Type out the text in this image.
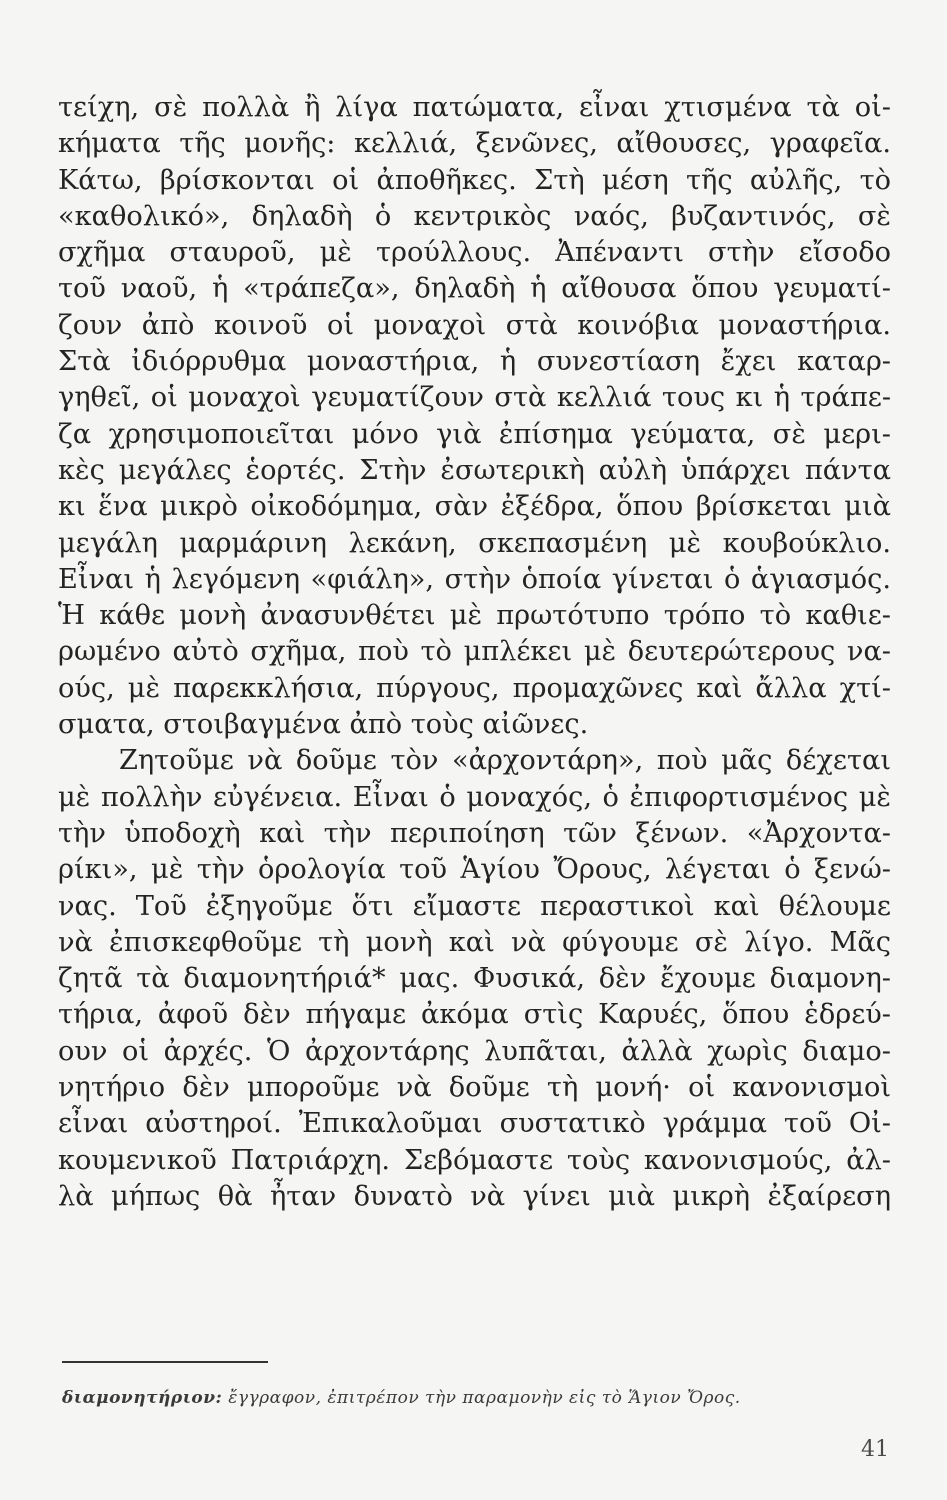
τείχη, σὲ πολλὰ ἢ λίγα πατώματα, εἶναι χτισμένα τὰ οἰ-
κήματα τῆς μονῆς: κελλιά, ξενῶνες, αἴθουσες, γραφεῖα.
Κάτω, βρίσκονται οἱ ἀποθῆκες. Στὴ μέση τῆς αὐλῆς, τὸ
«καθολικό», δηλαδὴ ὁ κεντρικὸς ναός, βυζαντινός, σὲ
σχῆμα σταυροῦ, μὲ τρούλλους. Ἀπέναντι στὴν εἴσοδο
τοῦ ναοῦ, ἡ «τράπεζα», δηλαδὴ ἡ αἴθουσα ὅπου γευματί-
ζουν ἀπὸ κοινοῦ οἱ μοναχοὶ στὰ κοινόβια μοναστήρια.
Στὰ ἰδιόρρυθμα μοναστήρια, ἡ συνεστίαση ἔχει καταρ-
γηθεῖ, οἱ μοναχοὶ γευματίζουν στὰ κελλιά τους κι ἡ τράπε-
ζα χρησιμοποιεῖται μόνο γιὰ ἐπίσημα γεύματα, σὲ μερι-
κὲς μεγάλες ἑορτές. Στὴν ἐσωτερικὴ αὐλὴ ὑπάρχει πάντα
κι ἕνα μικρὸ οἰκοδόμημα, σὰν ἐξέδρα, ὅπου βρίσκεται μιὰ
μεγάλη μαρμάρινη λεκάνη, σκεπασμένη μὲ κουβούκλιο.
Εἶναι ἡ λεγόμενη «φιάλη», στὴν ὁποία γίνεται ὁ ἁγιασμός.
Ἡ κάθε μονὴ ἀνασυνθέτει μὲ πρωτότυπο τρόπο τὸ καθιε-
ρωμένο αὐτὸ σχῆμα, ποὺ τὸ μπλέκει μὲ δευτερώτερους να-
ούς, μὲ παρεκκλήσια, πύργους, προμαχῶνες καὶ ἄλλα χτί-
σματα, στοιβαγμένα ἀπὸ τοὺς αἰῶνες.
Ζητοῦμε νὰ δοῦμε τὸν «ἀρχοντάρη», ποὺ μᾶς δέχεται
μὲ πολλὴν εὐγένεια. Εἶναι ὁ μοναχός, ὁ ἐπιφορτισμένος μὲ
τὴν ὑποδοχὴ καὶ τὴν περιποίηση τῶν ξένων. «Ἀρχοντα-
ρίκι», μὲ τὴν ὁρολογία τοῦ Ἁγίου Ὄρους, λέγεται ὁ ξενώ-
νας. Τοῦ ἐξηγοῦμε ὅτι εἴμαστε περαστικοὶ καὶ θέλουμε
νὰ ἐπισκεφθοῦμε τὴ μονὴ καὶ νὰ φύγουμε σὲ λίγο. Μᾶς
ζητᾶ τὰ διαμονητήριά* μας. Φυσικά, δὲν ἔχουμε διαμονη-
τήρια, ἀφοῦ δὲν πήγαμε ἀκόμα στὶς Καρυές, ὅπου ἑδρεύ-
ουν οἱ ἀρχές. Ὁ ἀρχοντάρης λυπᾶται, ἀλλὰ χωρὶς διαμο-
νητήριο δὲν μποροῦμε νὰ δοῦμε τὴ μονή· οἱ κανονισμοὶ
εἶναι αὐστηροί. Ἐπικαλοῦμαι συστατικὸ γράμμα τοῦ Οἰ-
κουμενικοῦ Πατριάρχη. Σεβόμαστε τοὺς κανονισμούς, ἀλ-
λὰ μήπως θὰ ἦταν δυνατὸ νὰ γίνει μιὰ μικρὴ ἐξαίρεση
διαμονητήριον: ἔγγραφον, ἐπιτρέπον τὴν παραμονὴν εἰς τὸ Ἅγιον Ὄρος.
41
